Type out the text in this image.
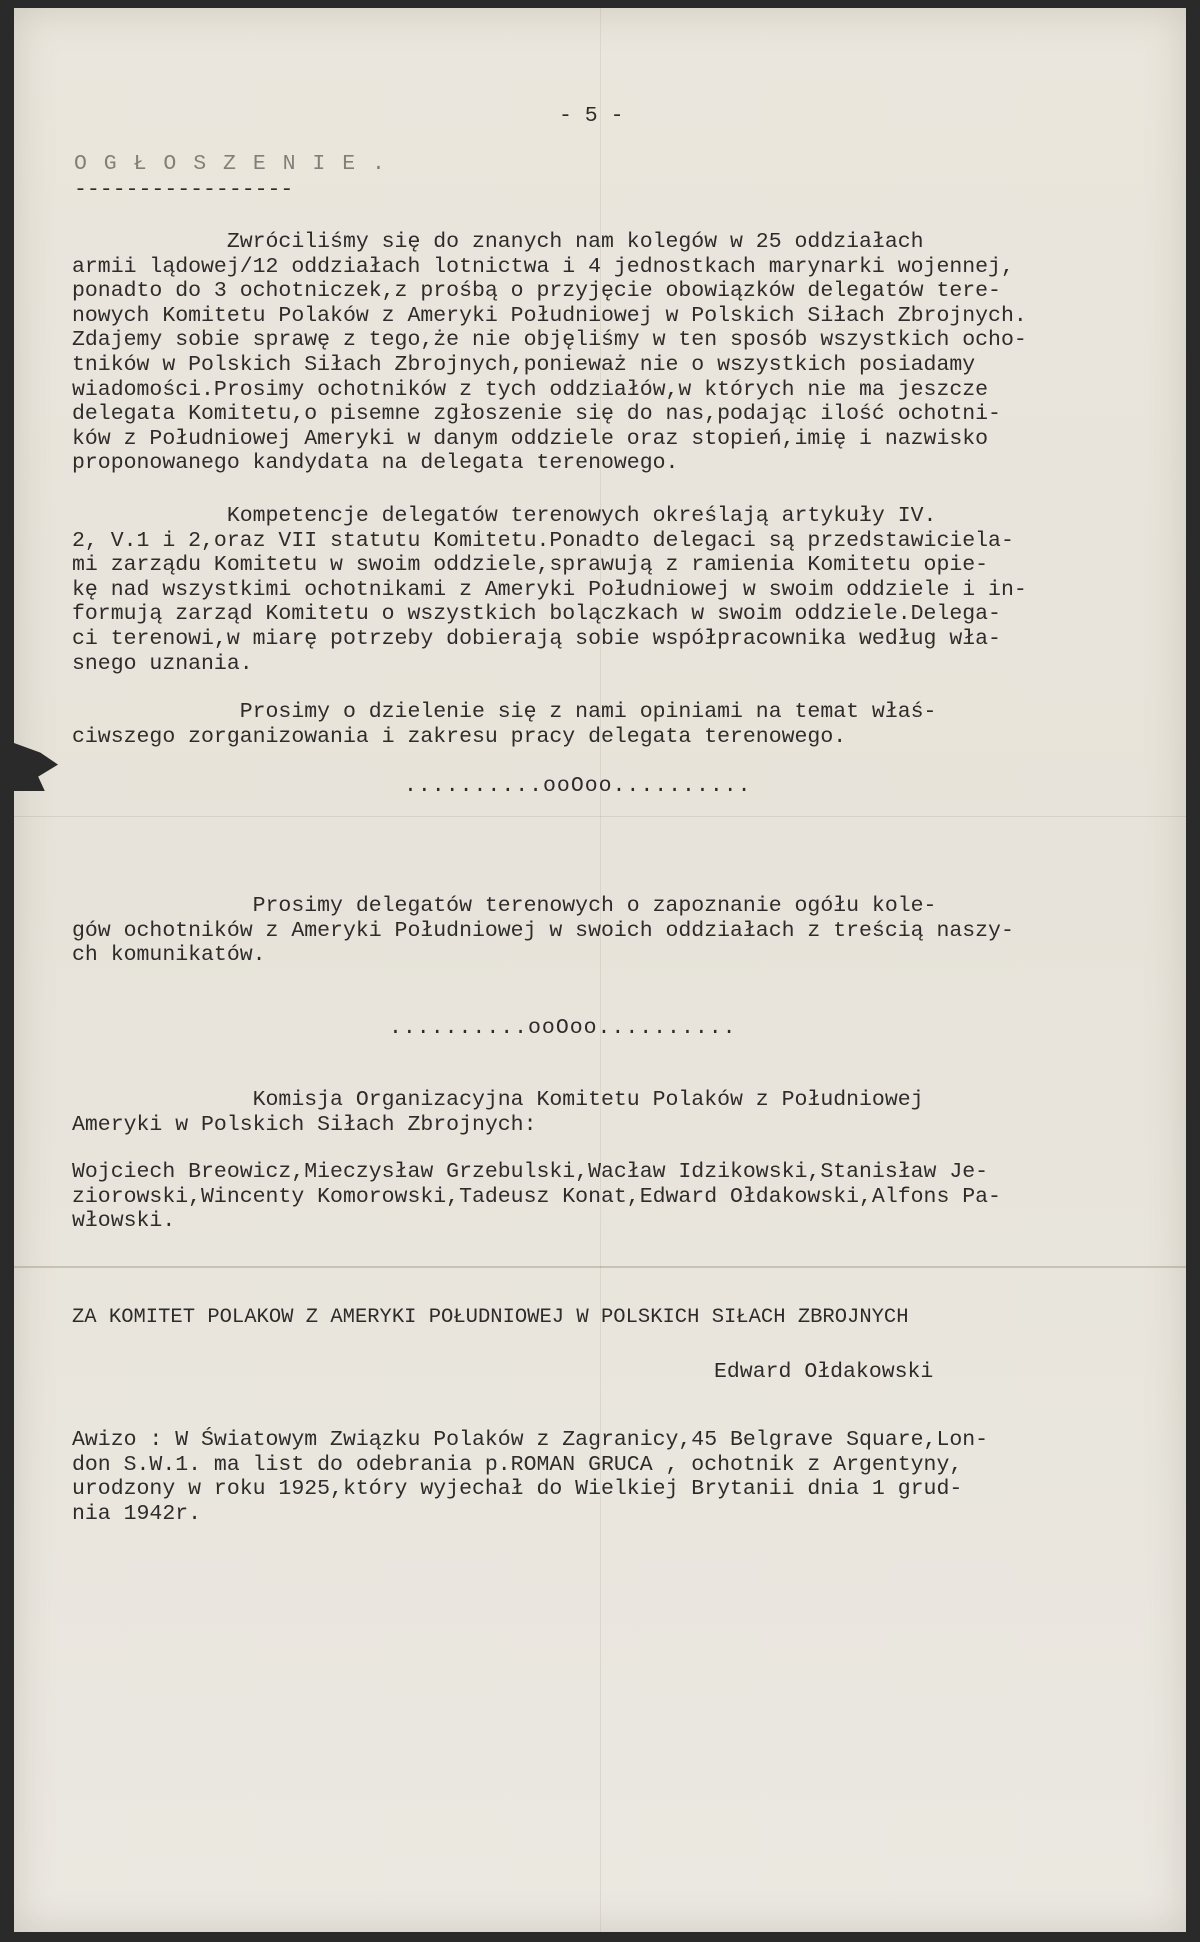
- 5 -

O G Ł O S Z E N I E .

-----------------

Zwróciliśmy się do znanych nam kolegów w 25 oddziałach
armii lądowej/12 oddziałach lotnictwa i 4 jednostkach marynarki wojennej,
ponadto do 3 ochotniczek,z prośbą o przyjęcie obowiązków delegatów tere-
nowych Komitetu Polaków z Ameryki Południowej w Polskich Siłach Zbrojnych.
Zdajemy sobie sprawę z tego,że nie objęliśmy w ten sposób wszystkich ocho-
tników w Polskich Siłach Zbrojnych,ponieważ nie o wszystkich posiadamy
wiadomości.Prosimy ochotników z tych oddziałów,w których nie ma jeszcze
delegata Komitetu,o pisemne zgłoszenie się do nas,podając ilość ochotni-
ków z Południowej Ameryki w danym oddziele oraz stopień,imię i nazwisko
proponowanego kandydata na delegata terenowego.

Kompetencje delegatów terenowych określają artykuły IV.
2, V.1 i 2,oraz VII statutu Komitetu.Ponadto delegaci są przedstawiciela-
mi zarządu Komitetu w swoim oddziele,sprawują z ramienia Komitetu opie-
kę nad wszystkimi ochotnikami z Ameryki Południowej w swoim oddziele i in-
formują zarząd Komitetu o wszystkich bolączkach w swoim oddziele.Delega-
ci terenowi,w miarę potrzeby dobierają sobie współpracownika według wła-
snego uznania.

Prosimy o dzielenie się z nami opiniami na temat właś-
ciwszego zorganizowania i zakresu pracy delegata terenowego.

..........ooOoo..........

Prosimy delegatów terenowych o zapoznanie ogółu kole-
gów ochotników z Ameryki Południowej w swoich oddziałach z treścią naszy-
ch komunikatów.

..........ooOoo..........

Komisja Organizacyjna Komitetu Polaków z Południowej
Ameryki w Polskich Siłach Zbrojnych:

Wojciech Breowicz,Mieczysław Grzebulski,Wacław Idzikowski,Stanisław Je-
ziorowski,Wincenty Komorowski,Tadeusz Konat,Edward Ołdakowski,Alfons Pa-
włowski.

ZA KOMITET POLAKOW Z AMERYKI POŁUDNIOWEJ W POLSKICH SIŁACH ZBROJNYCH

Edward Ołdakowski

Awizo : W Światowym Związku Polaków z Zagranicy,45 Belgrave Square,Lon-
don S.W.1. ma list do odebrania p.ROMAN GRUCA , ochotnik z Argentyny,
urodzony w roku 1925,który wyjechał do Wielkiej Brytanii dnia 1 grud-
nia 1942r.
